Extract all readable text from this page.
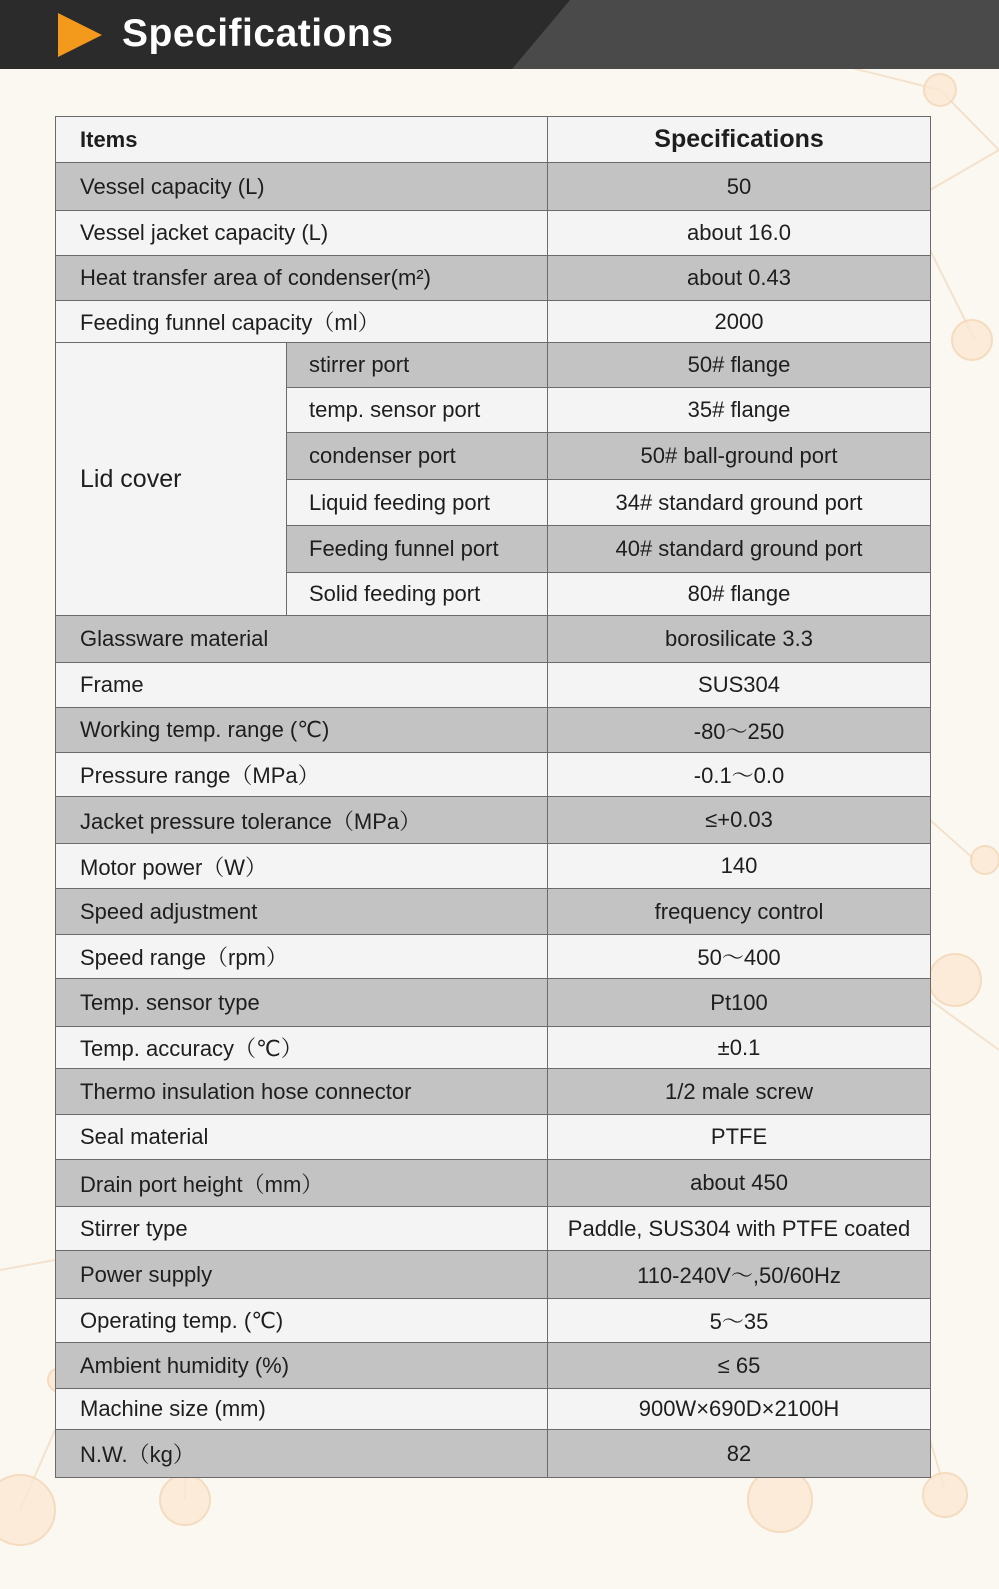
Specifications
Items		Specifications
Vessel capacity (L)		50
Vessel jacket capacity (L)		about 16.0
Heat transfer area of condenser(m²)		about 0.43
Feeding funnel capacity（ml）		2000
Lid cover	stirrer port	50# flange
	temp. sensor port	35# flange
	condenser port	50# ball-ground port
	Liquid feeding port	34# standard ground port
	Feeding funnel port	40# standard ground port
	Solid feeding port	80# flange
Glassware material		borosilicate 3.3
Frame		SUS304
Working temp. range (℃)		-80～250
Pressure range（MPa）		-0.1～0.0
Jacket pressure tolerance（MPa）		≤+0.03
Motor power（W）		140
Speed adjustment		frequency control
Speed range（rpm）		50～400
Temp. sensor type		Pt100
Temp. accuracy（℃）		±0.1
Thermo insulation hose connector		1/2 male screw
Seal material		PTFE
Drain port height（mm）		about 450
Stirrer type		Paddle, SUS304 with PTFE coated
Power supply		110-240V～,50/60Hz
Operating temp. (℃)		5～35
Ambient humidity (%)		≤ 65
Machine size (mm)		900W×690D×2100H
N.W.（kg）		82
